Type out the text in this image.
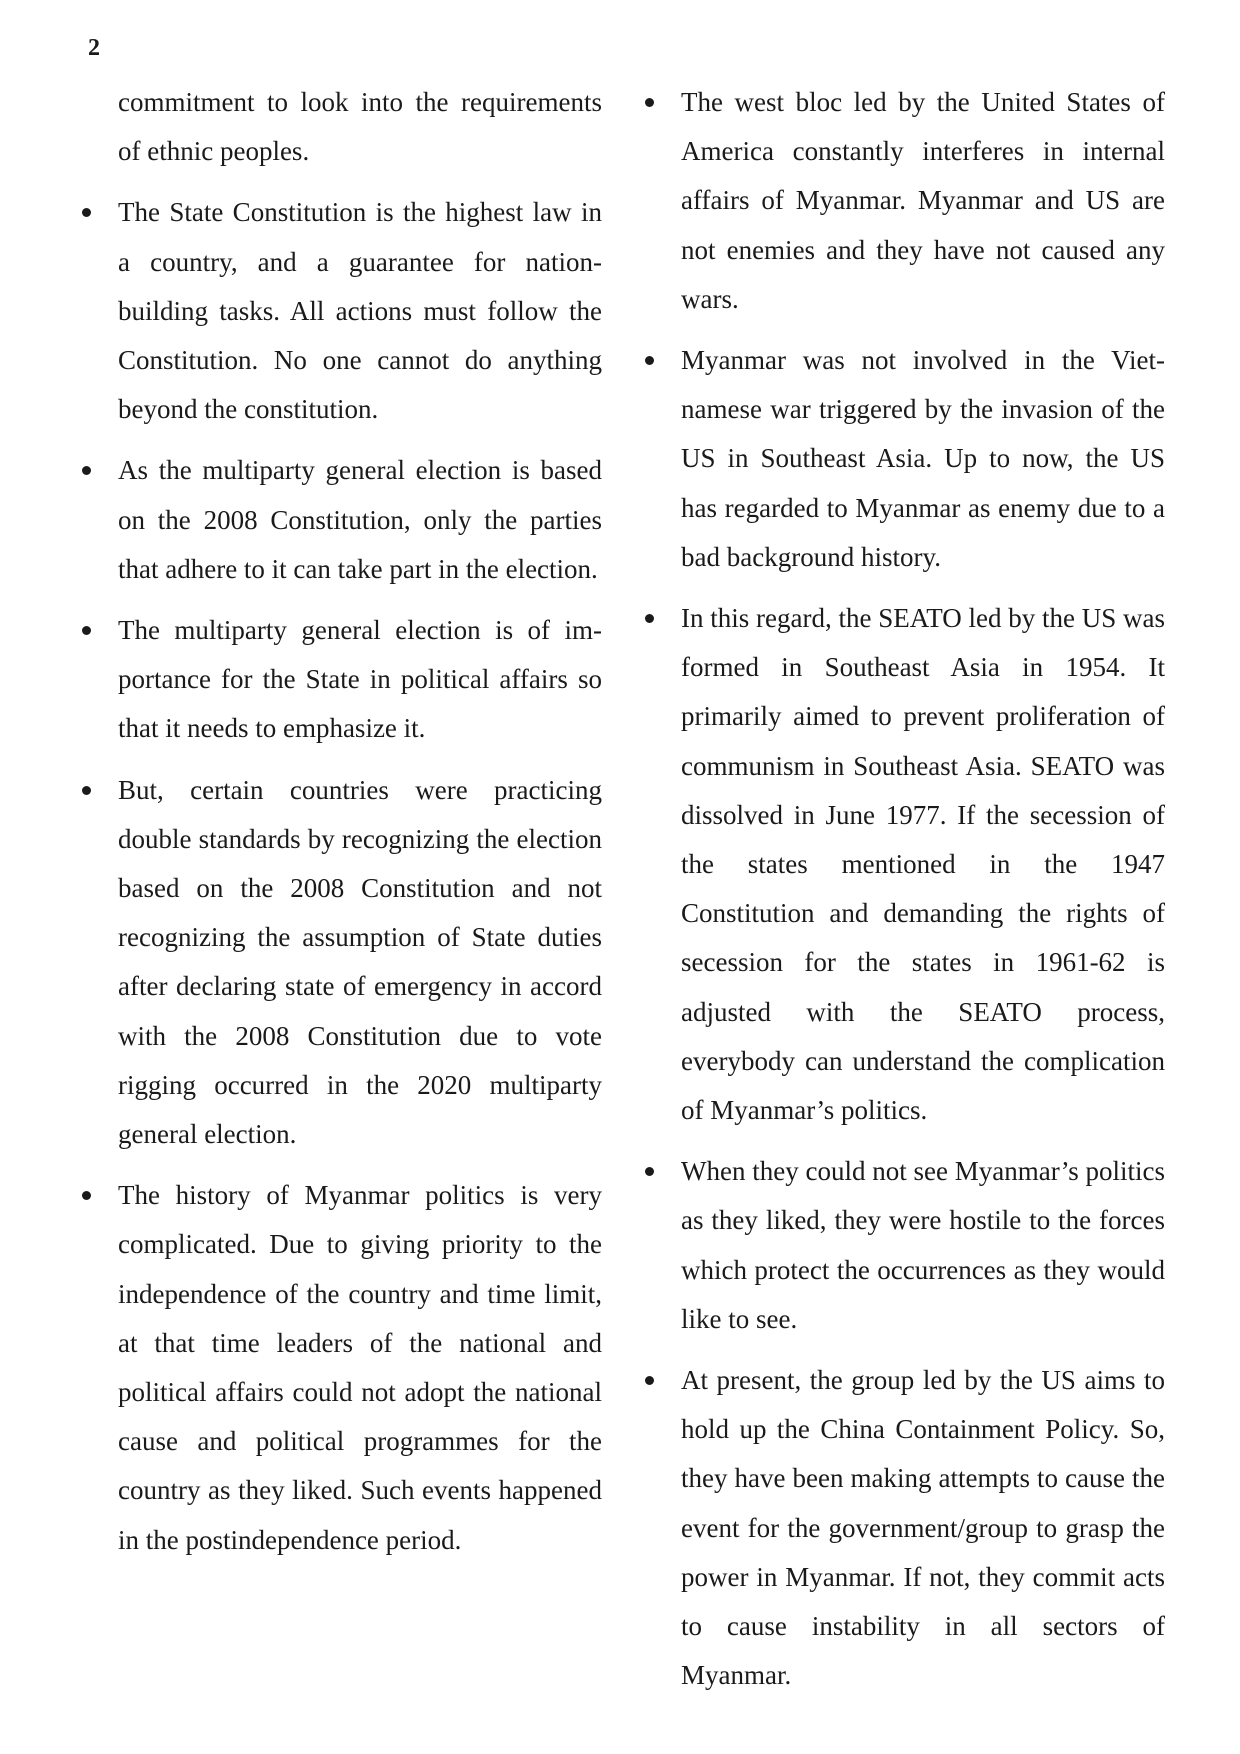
2

commitment to look into the requirements of ethnic peoples.

The State Constitution is the highest law in a country, and a guarantee for nationbuilding tasks. All actions must follow the Constitution. No one cannot do anything beyond the constitution.

As the multiparty general election is based on the 2008 Constitution, only the parties that adhere to it can take part in the election.

The multiparty general election is of importance for the State in political affairs so that it needs to emphasize it.

But, certain countries were practicing double standards by recognizing the election based on the 2008 Constitution and not recognizing the assumption of State duties after declaring state of emergency in accord with the 2008 Constitution due to vote rigging occurred in the 2020 multiparty general election.

The history of Myanmar politics is very complicated. Due to giving priority to the independence of the country and time limit, at that time leaders of the national and political affairs could not adopt the national cause and political programmes for the country as they liked. Such events happened in the postindependence period.

The west bloc led by the United States of America constantly interferes in internal affairs of Myanmar. Myanmar and US are not enemies and they have not caused any wars.

Myanmar was not involved in the Vietnamese war triggered by the invasion of the US in Southeast Asia. Up to now, the US has regarded to Myanmar as enemy due to a bad background history.

In this regard, the SEATO led by the US was formed in Southeast Asia in 1954. It primarily aimed to prevent proliferation of communism in Southeast Asia. SEATO was dissolved in June 1977. If the secession of the states mentioned in the 1947 Constitution and demanding the rights of secession for the states in 1961-62 is adjusted with the SEATO process, everybody can understand the complication of Myanmar’s politics.

When they could not see Myanmar’s politics as they liked, they were hostile to the forces which protect the occurrences as they would like to see.

At present, the group led by the US aims to hold up the China Containment Policy. So, they have been making attempts to cause the event for the government/​group to grasp the power in Myanmar. If not, they commit acts to cause instability in all sectors of Myanmar.
